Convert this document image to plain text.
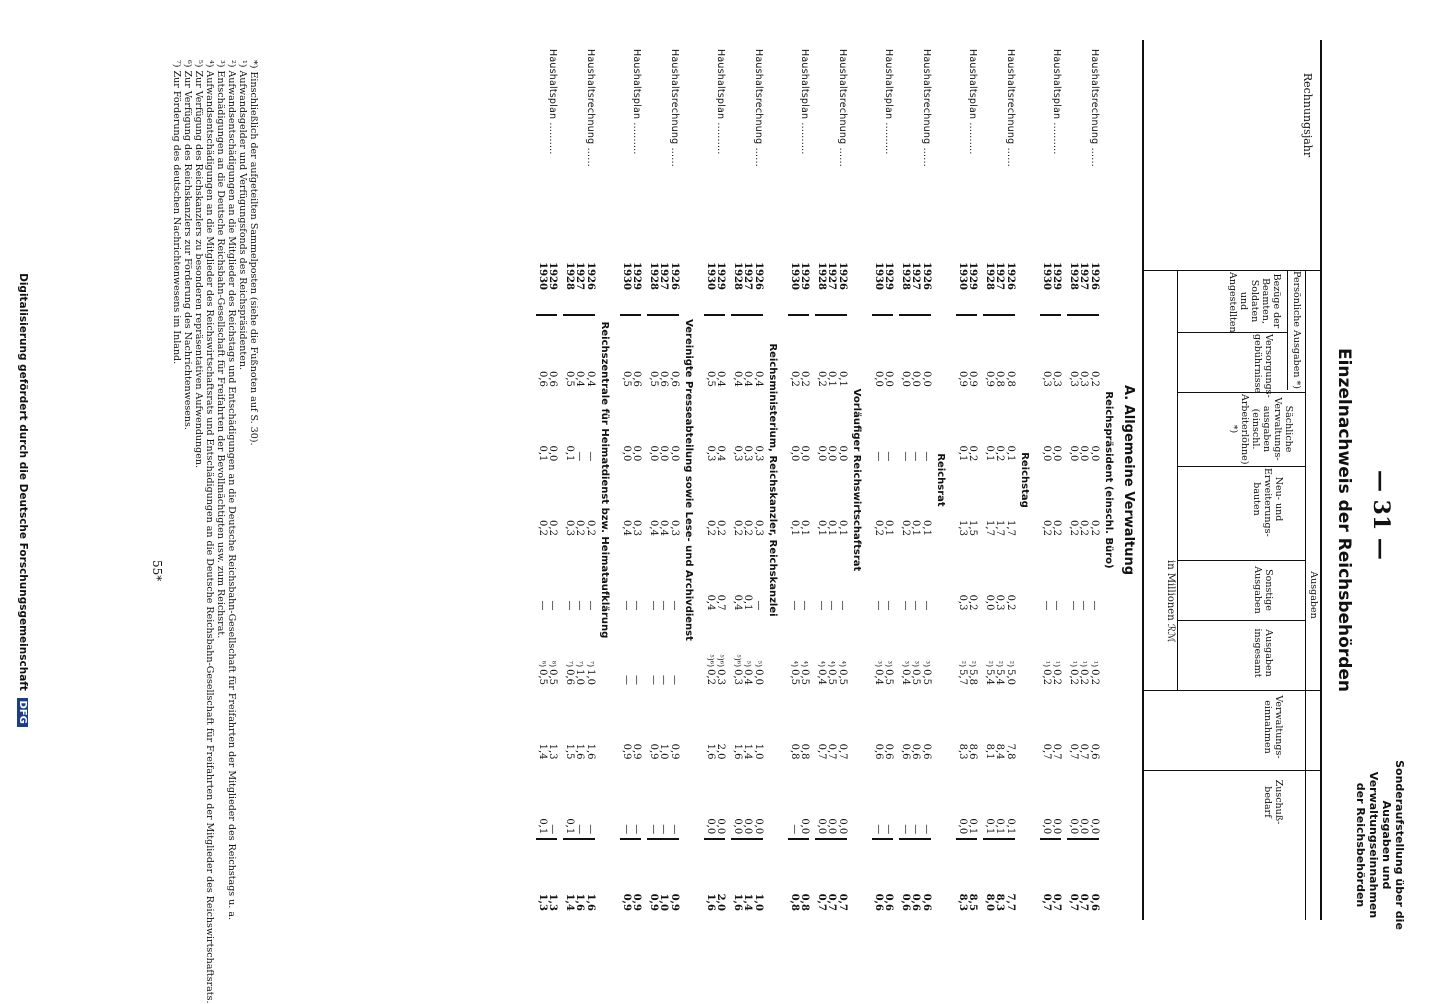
Sonderaufstellung über die
Ausgaben und Verwaltungseinnahmen
der Reichsbehörden
— 31 —
Einzelnachweis der Reichsbehörden
Rechnungsjahr
Ausgaben
Persönliche Ausgaben *)
Bezüge der Beamten, Soldaten und Angestellten
Versorgungs-gebührnisse
Sächliche Verwaltungs-ausgaben (einschl. Arbeiterlöhne) *)
Neu- und Erweiterungs-bauten
Sonstige Ausgaben
Ausgaben insgesamt
Verwaltungs-einnahmen
Zuschuß-bedarf
in Millionen ℛℳ
A. Allgemeine Verwaltung									
Reichspräsident (einschl. Büro)									
Haushaltsrechnung ......	1926	0,2	0,0	0,2	—	¹)0,2	0,6	0,0	0,6
	1927	0,3	0,0	0,2	—	¹)0,2	0,7	0,0	0,7
	1928	0,3	0,0	0,2	—	¹)0,2	0,7	0,0	0,7

Haushaltsplan ..........	1929	0,3	0,0	0,2	—	¹)0,2	0,7	0,0	0,7
	1930	0,3	0,0	0,2	—	¹)0,2	0,7	0,0	0,7

Reichstag									
Haushaltsrechnung ......	1926	0,8	0,1	1,7	0,2	²)5,0	7,8	0,1	7,7
	1927	0,8	0,2	1,7	0,3	²)5,4	8,4	0,1	8,3
	1928	0,9	0,1	1,7	0,0	²)5,4	8,1	0,1	8,0

Haushaltsplan ..........	1929	0,9	0,2	1,5	0,2	²)5,8	8,6	0,1	8,5
	1930	0,9	0,1	1,3	0,3	²)5,7	8,3	0,0	8,3

Reichsrat									
Haushaltsrechnung ......	1926	0,0	—	0,1	—	³)0,5	0,6	—	0,6
	1927	0,0	—	0,1	—	³)0,5	0,6	—	0,6
	1928	0,0	—	0,2	—	³)0,4	0,6	—	0,6

Haushaltsplan ..........	1929	0,0	—	0,1	—	³)0,5	0,6	—	0,6
	1930	0,0	—	0,2	—	³)0,4	0,6	—	0,6

Vorläufiger Reichswirtschaftsrat									
Haushaltsrechnung ......	1926	0,1	0,0	0,1	—	⁴)0,5	0,7	0,0	0,7
	1927	0,1	0,0	0,1	—	⁴)0,5	0,7	0,0	0,7
	1928	0,2	0,0	0,1	—	⁴)0,4	0,7	0,0	0,7

Haushaltsplan ..........	1929	0,2	0,0	0,1	—	⁴)0,5	0,8	0,0	0,8
	1930	0,2	0,0	0,1	—	⁴)0,5	0,8	—	0,8

Reichsministerium, Reichskanzler, Reichskanzlei									
Haushaltsrechnung ......	1926	0,4	0,3	0,3	—	⁵)0,0	1,0	0,0	1,0
	1927	0,4	0,3	0,2	0,1	⁵)0,4	1,4	0,0	1,4
	1928	0,4	0,3	0,2	0,4	⁵)⁶)0,3	1,6	0,0	1,6

Haushaltsplan ..........	1929	0,4	0,4	0,2	0,7	⁵)⁶)0,3	2,0	0,0	2,0
	1930	0,5	0,3	0,2	0,4	⁵)⁶)0,2	1,6	0,0	1,6

Vereinigte Presseabteilung sowie Lese- und Archivdienst									
Haushaltsrechnung ......	1926	0,6	0,0	0,3	—	—	0,9	—	0,9
	1927	0,6	0,0	0,4	—	—	1,0	—	1,0
	1928	0,5	0,0	0,4	—	—	0,9	—	0,9

Haushaltsplan ..........	1929	0,6	0,0	0,3	—	—	0,9	—	0,9
	1930	0,5	0,0	0,4	—	—	0,9	—	0,9

Reichszentrale für Heimatdienst bzw. Heimataufklärung									
Haushaltsrechnung ......	1926	0,4	—	0,2	—	⁷)1,0	1,6	—	1,6
	1927	0,4	—	0,2	—	⁷)1,0	1,6	—	1,6
	1928	0,5	0,1	0,3	—	⁷)0,6	1,5	0,1	1,4

Haushaltsplan ..........	1929	0,6	0,0	0,2	—	⁸)0,5	1,3	—	1,3
	1930	0,6	0,1	0,2	—	⁸)0,5	1,4	0,1	1,3

*) Einschließlich der aufgeteilten Sammelposten (siehe die Fußnoten auf S. 30).
¹) Aufwandsgelder und Verfügungsfonds des Reichspräsidenten.
²) Aufwandsentschädigungen an die Mitglieder des Reichstags und Entschädigungen an die Deutsche Reichsbahn-Gesellschaft für Freifahrten der Mitglieder des Reichstags u. a.
³) Entschädigungen an die Deutsche Reichsbahn-Gesellschaft für Freifahrten der Bevollmächtigten usw. zum Reichsrat.
⁴) Aufwandsentschädigungen an die Mitglieder des Reichswirtschaftsrats und Entschädigungen an die Deutsche Reichsbahn-Gesellschaft für Freifahrten der Mitglieder des Reichswirtschaftsrats.
⁵) Zur Verfügung des Reichskanzlers zu besonderen repräsentativen Aufwendungen.
⁶) Zur Verfügung des Reichskanzlers zur Förderung des Nachrichtenwesens.
⁷) Zur Förderung des deutschen Nachrichtenwesens im Inland.
55*
Digitalisierung gefördert durch die Deutsche Forschungsgemeinschaft DFG
